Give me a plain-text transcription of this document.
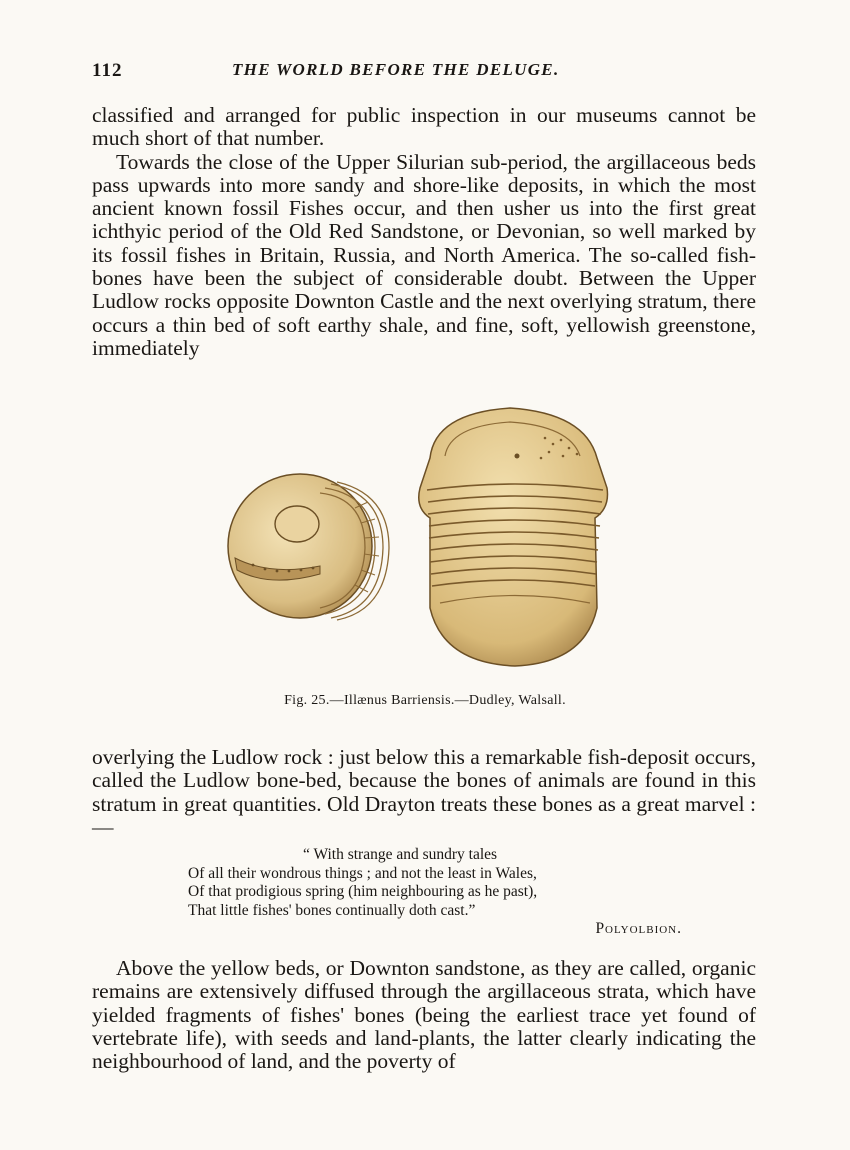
112	THE WORLD BEFORE THE DELUGE.

classified and arranged for public inspection in our museums cannot be much short of that number.

Towards the close of the Upper Silurian sub-period, the argillaceous beds pass upwards into more sandy and shore-like deposits, in which the most ancient known fossil Fishes occur, and then usher us into the first great ichthyic period of the Old Red Sandstone, or Devonian, so well marked by its fossil fishes in Britain, Russia, and North America. The so-called fish-bones have been the subject of considerable doubt. Between the Upper Ludlow rocks opposite Downton Castle and the next overlying stratum, there occurs a thin bed of soft earthy shale, and fine, soft, yellowish greenstone, immediately

Fig. 25.—Illænus Barriensis.—Dudley, Walsall.

overlying the Ludlow rock : just below this a remarkable fish-deposit occurs, called the Ludlow bone-bed, because the bones of animals are found in this stratum in great quantities. Old Drayton treats these bones as a great marvel :—

“ With strange and sundry tales
Of all their wondrous things ; and not the least in Wales,
Of that prodigious spring (him neighbouring as he past),
That little fishes' bones continually doth cast.”
Polyolbion.

Above the yellow beds, or Downton sandstone, as they are called, organic remains are extensively diffused through the argillaceous strata, which have yielded fragments of fishes' bones (being the earliest trace yet found of vertebrate life), with seeds and land-plants, the latter clearly indicating the neighbourhood of land, and the poverty of
